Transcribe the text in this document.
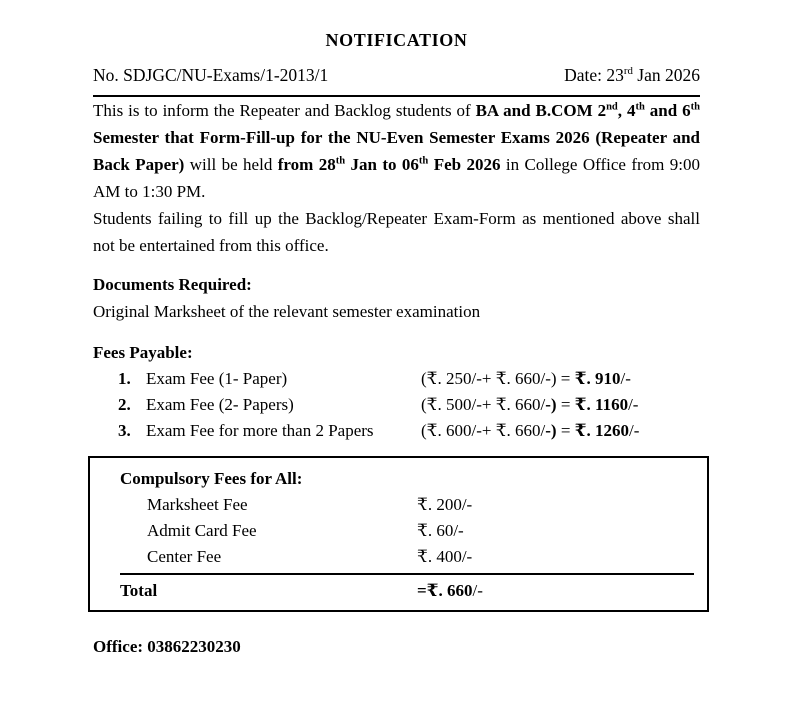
NOTIFICATION
No. SDJGC/NU-Exams/1-2013/1	Date: 23rd Jan 2026

This is to inform the Repeater and Backlog students of BA and B.COM 2nd, 4th and 6th Semester that Form-Fill-up for the NU-Even Semester Exams 2026 (Repeater and Back Paper) will be held from 28th Jan to 06th Feb 2026 in College Office from 9:00 AM to 1:30 PM.

Students failing to fill up the Backlog/Repeater Exam-Form as mentioned above shall not be entertained from this office.

Documents Required:
Original Marksheet of the relevant semester examination
Fees Payable:
1. Exam Fee (1- Paper)	(₹. 250/-+ ₹. 660/-) = ₹. 910/-
2. Exam Fee (2- Papers)	(₹. 500/-+ ₹. 660/-) = ₹. 1160/-
3. Exam Fee for more than 2 Papers	(₹. 600/-+ ₹. 660/-) = ₹. 1260/-
Compulsory Fees for All:
Marksheet Fee	₹. 200/-
Admit Card Fee	₹. 60/-
Center Fee	₹. 400/-
Total	=₹. 660/-
Office: 03862230230
